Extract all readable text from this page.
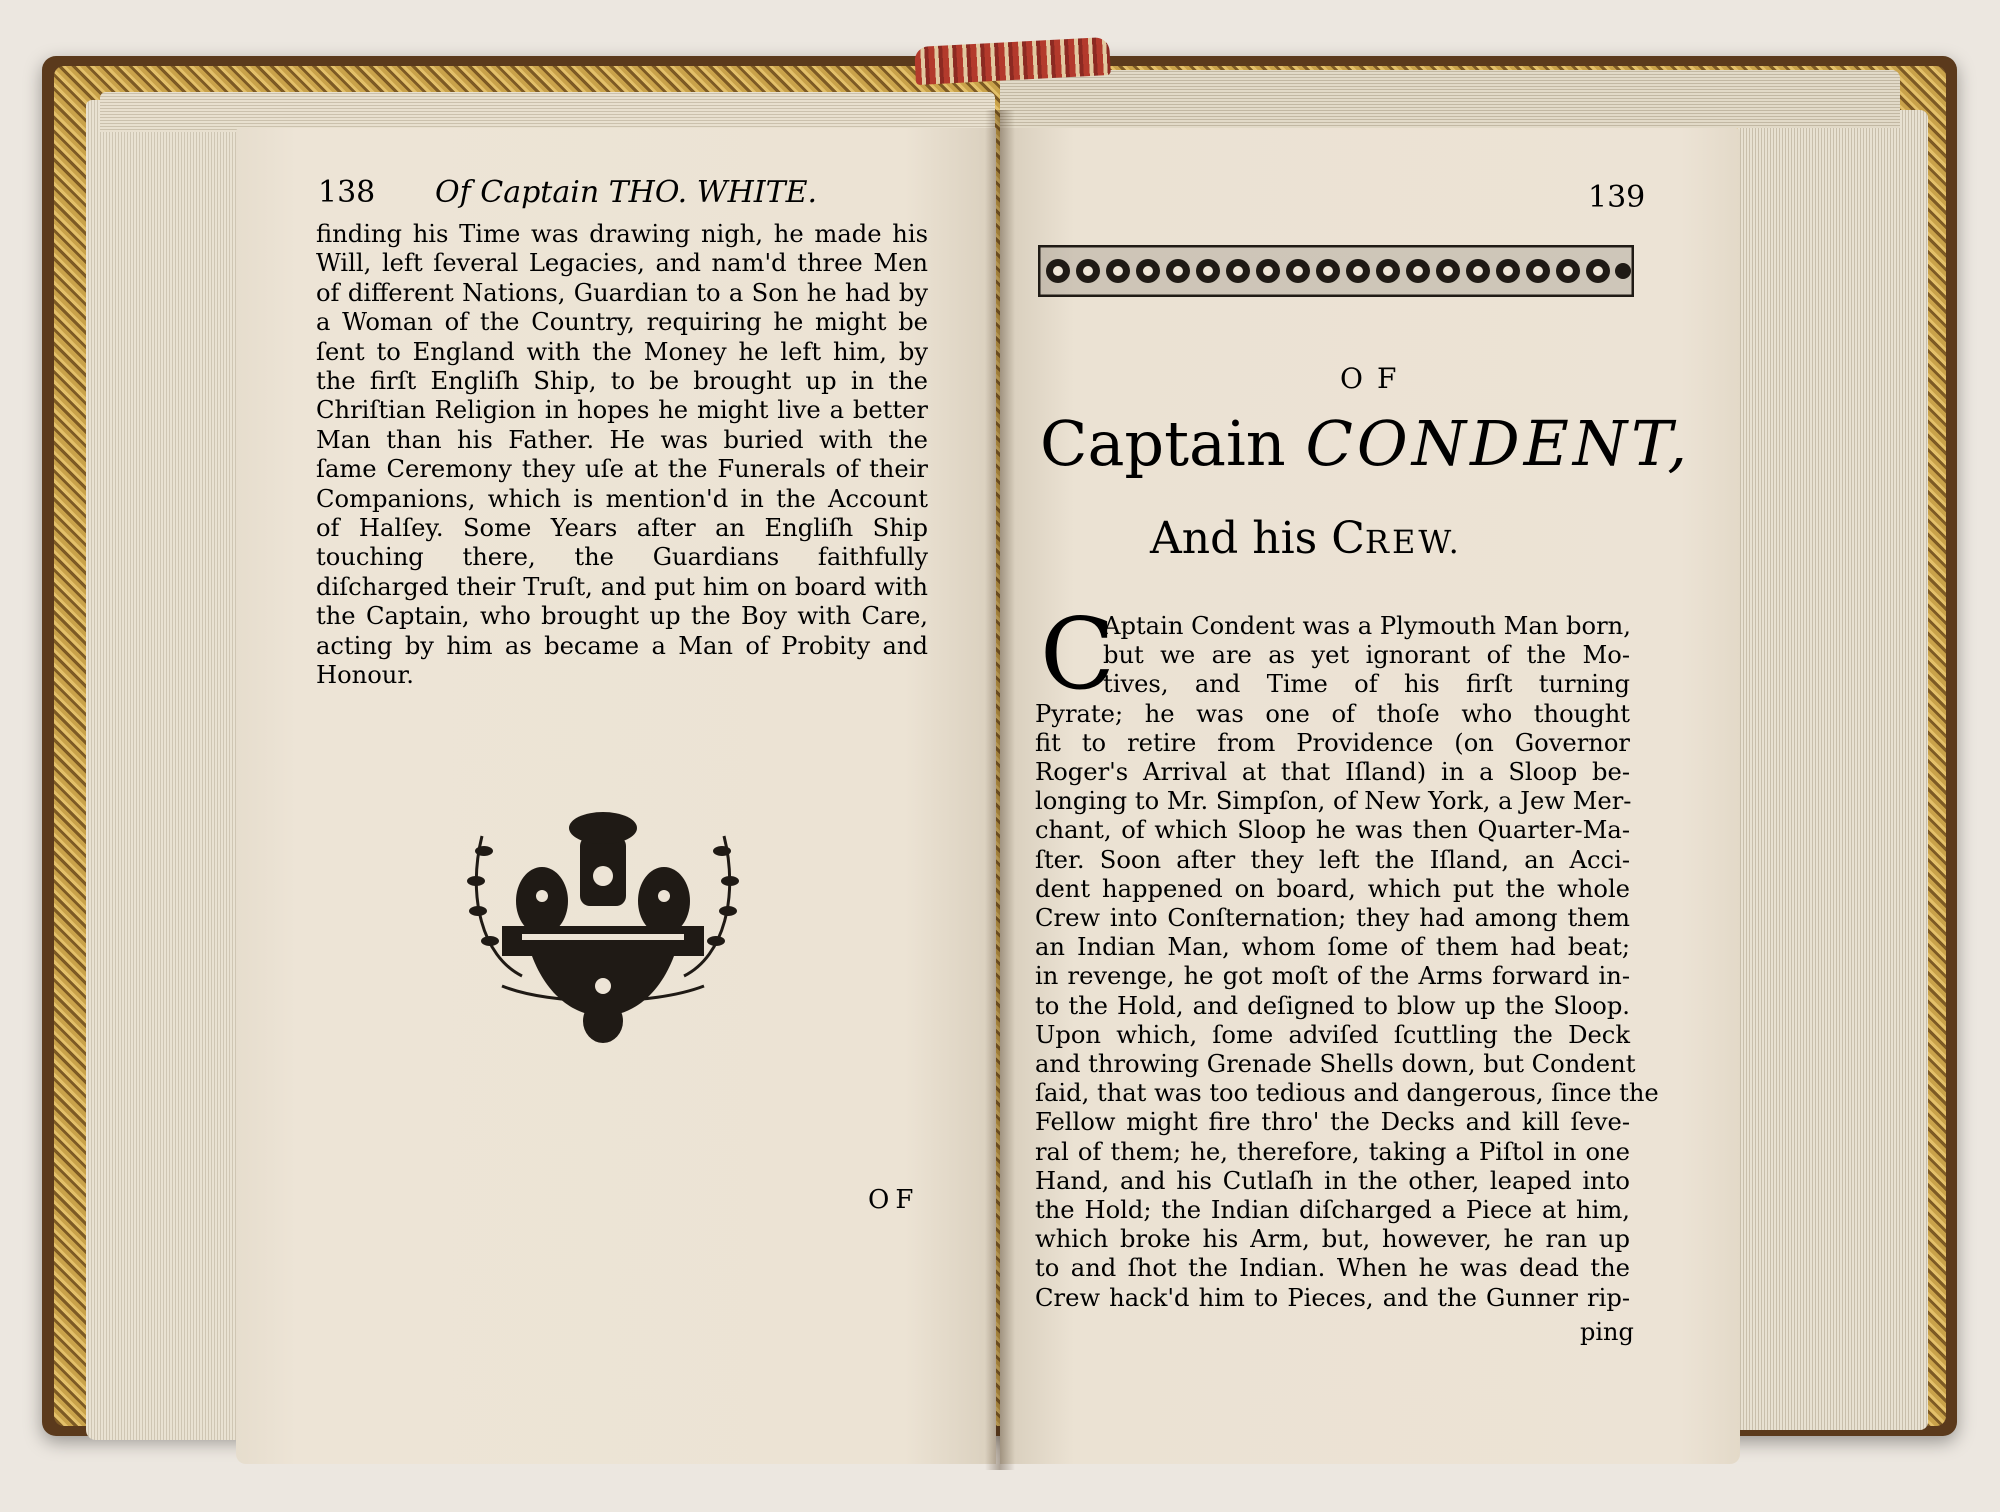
138 Of Captain THO. WHITE.

finding his Time was drawing nigh, he made his Will, left ſeveral Legacies, and nam'd three Men of different Nations, Guardian to a Son he had by a Woman of the Country, requiring he might be ſent to England with the Money he left him, by the firſt Engliſh Ship, to be brought up in the Chriſtian Religion in hopes he might live a better Man than his Father. He was buried with the ſame Ceremony they uſe at the Funerals of their Companions, which is mention'd in the Account of Halſey. Some Years after an Engliſh Ship touching there, the Guardians faithfully diſcharged their Truſt, and put him on board with the Captain, who brought up the Boy with Care, acting by him as became a Man of Probity and Honour.

OF
139
OF
Captain CONDENT,
And his CREW.
C
Aptain Condent was a Plymouth Man born,
but we are as yet ignorant of the Mo-
tives, and Time of his firſt turning
Pyrate; he was one of thoſe who thought
fit to retire from Providence (on Governor
Roger's Arrival at that Iſland) in a Sloop be-
longing to Mr. Simpſon, of New York, a Jew Mer-
chant, of which Sloop he was then Quarter-Ma-
ſter. Soon after they left the Iſland, an Acci-
dent happened on board, which put the whole
Crew into Conſternation; they had among them
an Indian Man, whom ſome of them had beat;
in revenge, he got moſt of the Arms forward in-
to the Hold, and deſigned to blow up the Sloop.
Upon which, ſome adviſed ſcuttling the Deck
and throwing Grenade Shells down, but Condent
ſaid, that was too tedious and dangerous, ſince the
Fellow might fire thro' the Decks and kill ſeve-
ral of them; he, therefore, taking a Piſtol in one
Hand, and his Cutlaſh in the other, leaped into
the Hold; the Indian diſcharged a Piece at him,
which broke his Arm, but, however, he ran up
to and ſhot the Indian. When he was dead the
Crew hack'd him to Pieces, and the Gunner rip-
ping
